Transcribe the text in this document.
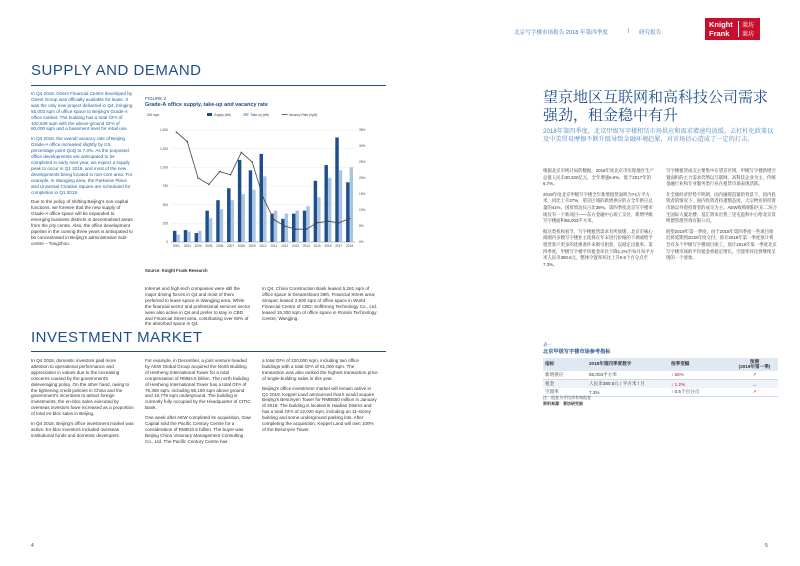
北京写字楼市场报告 2018 年第四季度	| 研究报告
Knight
Frank
莱坊
莱坊
SUPPLY AND DEMAND

In Q4 2018, Orient Financial Centre developed by Orient Group was officially available for lease. It was the only new project delivered in Q4, bringing 55,003 sqm of office space to Beijing's Grade-A office market. The building has a total GFA of 100,649 sqm with the above-ground GFA of 60,000 sqm and a basement level for retail use.

In Q4 2018, the overall vacancy rate of Beijing Grade-A office increased slightly by 0.5 percentage point QoQ to 7.3%. As the purposed office developments are anticipated to be completed in early next year, we expect a supply peak to occur in Q1 2019, and most of the new developments being located in non-core area. For example, in Wangjing area, the Parkview Place and Universal Creative Square are scheduled for completion in Q1 2019.

Due to the policy of shifting Beijing's non-capital functions, we foresee that the new supply of Grade-A office space will be expanded to emerging business districts in decentralised areas from the city centre. Also, the office development pipeline in the coming three years is anticipated to be concentrated in Beijing's administrative Sub-centre – Tongzhou.

FIGURE 2
Grade-A office supply, take-up and vacancy rate
000 sqm	Supply (left)	Take-up (left)	Vacancy Rate (right)
0
250
500
750
1,000
1,250
1,500
0%
5%
10%
15%
20%
25%
30%
35%
2001 2003 2004 2005 2006 2007 2008 2009 2010 2011 2012 2013 2014 2015 2016 2017 2018
Source: Knight Frank Research
Internet and high-tech companies were still the major driving forces in Q4 and most of them preferred to lease space in Wangjing area. While the financial sector and professional services sector were also active in Q4 and prefer to stay in CBD and Financial Street area, contributing over 60% of the absorbed space in Q4.
In Q4, China Construction Bank leased 5,261 sqm of office space in Dreamsfount 39th, Financial Street area; Sinopec leased 2,500 sqm of office space in World Financial Centre of CBD; Softbrong Technology Co., Ltd. leased 15,300 sqm of office space in Ronsin Technology Centre, Wangjing.
INVESTMENT MARKET

In Q4 2018, domestic investors paid more attention to operational performance and appreciation in values due to the increasing concerns caused by the government's deleveraging policy. On the other hand, owing to the tightening credit policies in China and the government's incentives to attract foreign investments, the en-bloc sales executed by overseas investors have increased as a proportion of total en-bloc sales in Beijing.

In Q4 2018, Beijing's office investment market was active. En-bloc investors included overseas institutional funds and domestic developers.

For example, in December, a joint venture headed by AEW Global Group acquired the North Building of Hesheng International Tower for a total compensation of RMB4.5 billion. The north building of Hesheng International Tower has a total GFA of 75,350 sqm, including 56,160 sqm above ground and 19,779 sqm underground. The building is currently fully occupied by the Headquarter of CITIC Bank.

One week after AEW completed its acquisition, Gaw Capital sold the Pacific Century Centre for a consideration of RMB10.5 billion. The buyer was Beijing China Visionary Management Consulting Co., Ltd. The Pacific Century Centre has

a total GFA of 220,000 sqm, including two office buildings with a total GFA of 61,000 sqm. The transaction was also ranked the highest transaction price of single-building sales in this year.

Beijing's office investment market will remain active in Q1 2019. Keppel Land announced that it would acquire Beijing's Besunyen Tower for RMB550 million in January of 2019. The building is located in Haidian District and has a total GFA of 12,020 sqm, including an 11-storey building and some underground parking lots. After completing the acquisition, Keppel Land will own 100% of the Besunyen Tower.

4
望京地区互联网和高科技公司需求
强劲，租金稳中有升
2018年第四季度，北京甲级写字楼租赁市场供应和需求增速均放缓。去杠杆化政策以及中美贸易摩擦不断升级导致金融环境趋紧，对市场信心造成了一定的打击。

根据北京市统计局的数据，2018年度北京市实现地区生产总值人民币30,320亿元，全年增速6.6%，低于2017年的6.7%。

2018年度北京甲级写字楼全年新增租赁面积为74万平方米，同比上升27%，望京区域的新增供应的占全年供应总量的41%，国贸周边仅占比38%。第四季度北京写字楼市场仅有一个新项目——东方金融中心竣工交付，新增甲级写字楼面积55,003平方米。

据这类机构看节，写字楼租售需求有所放缓，北京市核心商圈内多数写字楼业主选择在年末进行价格的下调或给予租赁客户更多的优惠条件来吸引租客，以稳定出租率。第四季度，甲级写字楼平均租金环比下降1.2%至每月每平方米人民币380.6元，整体空置率环比上升0.5个百分点至7.3%。

写字楼租赁成交主要集中在望京区域，甲级写字楼新增空置面积的主力需求仍然以互联网、高科技企业为主，传统金融行业和专业服务类行业在租赁市场表现活跃。

在全球经济形势不明朗，国内融资趋紧的背景下，国内投资者的情况下，国内投资者持谨慎态度，大宗物业的投资市场以外资投资者的成交为主。AEW收购朝阳区东二环合生国际大厦北楼；基汇资本出售三里屯盈科中心给北京景明德管理咨询有限公司。

展望2019年第一季度，由于2018年第四季度一些项目推迟将延期到2019年度交付，预计2019年第一季度预计将会有多个甲级写字楼项目竣工，预计2019年第一季度北京写字楼市场的平均租金将稳定增长，空置率环比将继续呈现的一个迹象。

表一
北京甲级写字楼市场参考指标
指标	2018年第四季度数字	按季变幅	预测
(2019年第一季)

新增供应	55,003平方米	↓ 66%	↗
租金	人民币380.6元 / 平方米 / 月	↓ 1.2%	↔
空置率	7.3%	↑ 0.5个百分点	↗
注：租金为平均净有效租金
资料来源：莱坊研究部
5
